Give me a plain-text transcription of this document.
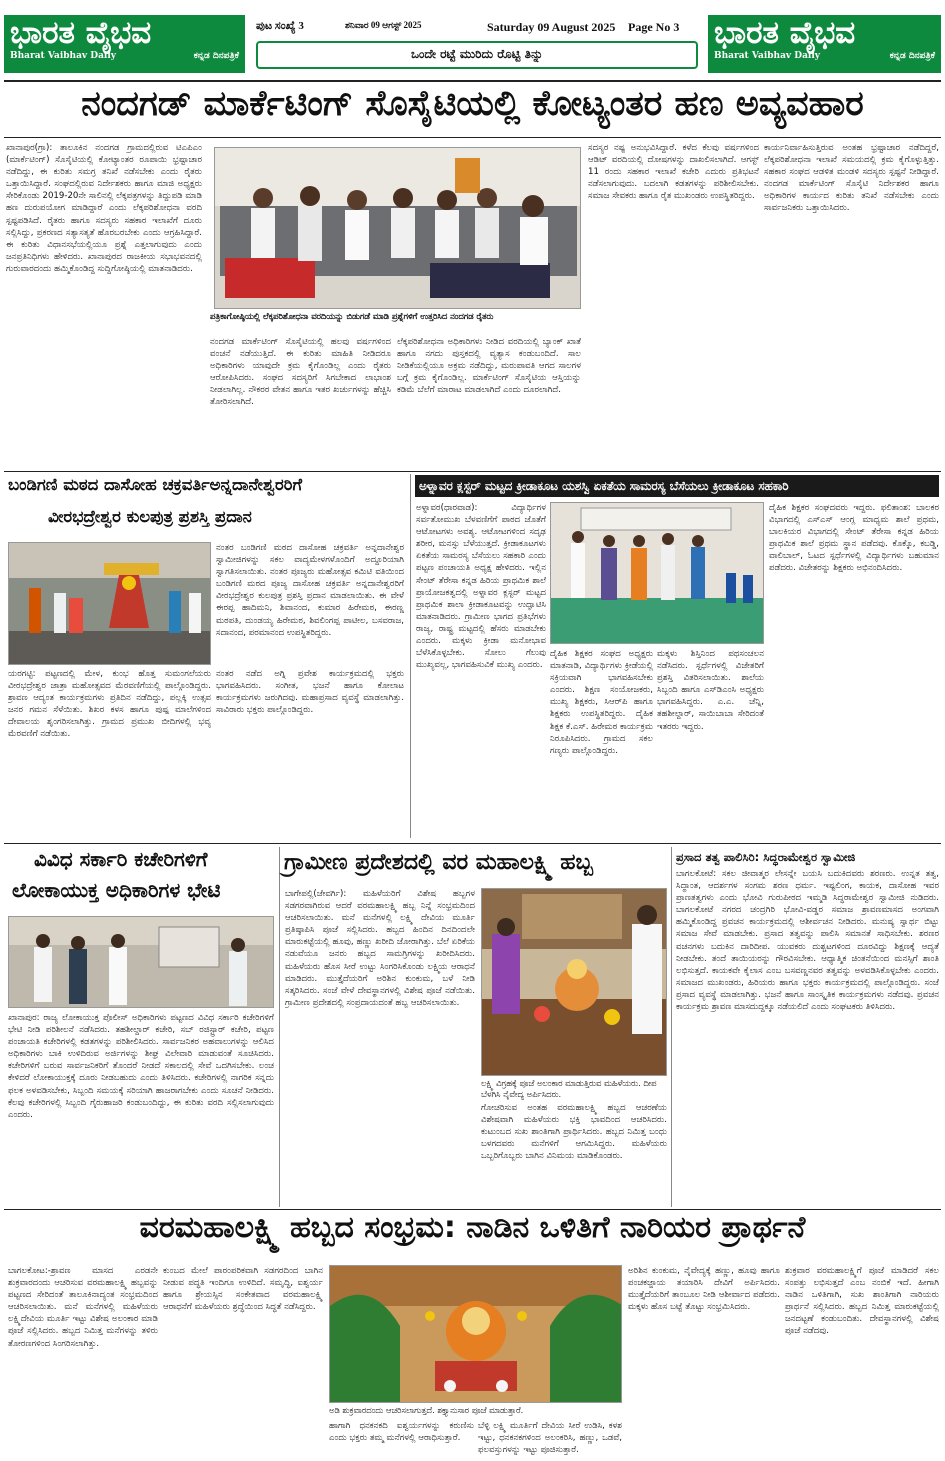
ಭಾರತ ವೈಭವ
Bharat Vaibhav Daily	ಕನ್ನಡ ದಿನಪತ್ರಿಕೆ
ಭಾರತ ವೈಭವ
Bharat Vaibhav Daily	ಕನ್ನಡ ದಿನಪತ್ರಿಕೆ
ಪುಟ ಸಂಖ್ಯೆ 3	ಶನಿವಾರ 09 ಆಗಸ್ಟ್ 2025	Saturday 09 August 2025 Page No 3
ಒಂದೇ ರಟ್ಟೆ ಮುರಿದು ರೊಟ್ಟಿ ತಿನ್ನು
ನಂದಗಡ್ ಮಾರ್ಕೆಟಿಂಗ್ ಸೊಸೈಟಿಯಲ್ಲಿ ಕೋಟ್ಯಂತರ ಹಣ ಅವ್ಯವಹಾರ
ಖಾನಾಪುರ(ಗ್ರಾ): ತಾಲೂಕಿನ ನಂದಗಡ ಗ್ರಾಮದಲ್ಲಿರುವ ಟಿಎಪಿಎಂ (ಮಾರ್ಕೆಟಿಂಗ್) ಸೊಸೈಟಿಯಲ್ಲಿ ಕೋಟ್ಯಾಂತರ ರೂಪಾಯಿ ಭ್ರಷ್ಟಾಚಾರ ನಡೆದಿದ್ದು, ಈ ಕುರಿತು ಸಮಗ್ರ ತನಿಖೆ ನಡೆಸಬೇಕು ಎಂದು ರೈತರು ಒತ್ತಾಯಿಸಿದ್ದಾರೆ. ಸಂಘದಲ್ಲಿರುವ ನಿರ್ದೇಶಕರು ಹಾಗೂ ಮಾಜಿ ಅಧ್ಯಕ್ಷರು ಸೇರಿಕೊಂಡು 2019-20ನೇ ಸಾಲಿನಲ್ಲಿ ಲೆಕ್ಕಪತ್ರಗಳನ್ನು ತಿದ್ದುಪಡಿ ಮಾಡಿ ಹಣ ದುರುಪಯೋಗ ಮಾಡಿದ್ದಾರೆ ಎಂದು ಲೆಕ್ಕಪರಿಶೋಧನಾ ವರದಿ ಸ್ಪಷ್ಟಪಡಿಸಿದೆ. ರೈತರು ಹಾಗೂ ಸದಸ್ಯರು ಸಹಕಾರ ಇಲಾಖೆಗೆ ದೂರು ಸಲ್ಲಿಸಿದ್ದು, ಪ್ರಕರಣದ ಸತ್ಯಾಸತ್ಯತೆ ಹೊರಬರಬೇಕು ಎಂದು ಆಗ್ರಹಿಸಿದ್ದಾರೆ. ಈ ಕುರಿತು ವಿಧಾನಸಭೆಯಲ್ಲಿಯೂ ಪ್ರಶ್ನೆ ಎತ್ತಲಾಗುವುದು ಎಂದು ಜನಪ್ರತಿನಿಧಿಗಳು ಹೇಳಿದರು. ಖಾನಾಪುರದ ರಾಜಕೀಯ ಸಭಾಭವನದಲ್ಲಿ ಗುರುವಾರದಂದು ಹಮ್ಮಿಕೊಂಡಿದ್ದ ಸುದ್ದಿಗೋಷ್ಠಿಯಲ್ಲಿ ಮಾತನಾಡಿದರು.
ಪತ್ರಿಕಾಗೋಷ್ಠಿಯಲ್ಲಿ ಲೆಕ್ಕಪರಿಶೋಧನಾ ವರದಿಯನ್ನು ಬಿಡುಗಡೆ ಮಾಡಿ ಪ್ರಶ್ನೆಗಳಿಗೆ ಉತ್ತರಿಸಿದ ನಂದಗಡ ರೈತರು
ನಂದಗಡ ಮಾರ್ಕೆಟಿಂಗ್ ಸೊಸೈಟಿಯಲ್ಲಿ ಹಲವು ವರ್ಷಗಳಿಂದ ವಂಚನೆ ನಡೆಯುತ್ತಿದೆ. ಈ ಕುರಿತು ಮಾಹಿತಿ ನೀಡಿದರೂ ಅಧಿಕಾರಿಗಳು ಯಾವುದೇ ಕ್ರಮ ಕೈಗೊಂಡಿಲ್ಲ ಎಂದು ರೈತರು ಆರೋಪಿಸಿದರು. ಸಂಘದ ಸದಸ್ಯರಿಗೆ ಸಿಗಬೇಕಾದ ಲಾಭಾಂಶ ನೀಡಲಾಗಿಲ್ಲ. ನೌಕರರ ವೇತನ ಹಾಗೂ ಇತರ ಖರ್ಚುಗಳನ್ನು ಹೆಚ್ಚಿಸಿ ತೋರಿಸಲಾಗಿದೆ.
ಲೆಕ್ಕಪರಿಶೋಧನಾ ಅಧಿಕಾರಿಗಳು ನೀಡಿದ ವರದಿಯಲ್ಲಿ ಬ್ಯಾಂಕ್ ಖಾತೆ ಹಾಗೂ ನಗದು ಪುಸ್ತಕದಲ್ಲಿ ವ್ಯತ್ಯಾಸ ಕಂಡುಬಂದಿದೆ. ಸಾಲ ನೀಡಿಕೆಯಲ್ಲಿಯೂ ಅಕ್ರಮ ನಡೆದಿದ್ದು, ಮರುಪಾವತಿ ಆಗದ ಸಾಲಗಳ ಬಗ್ಗೆ ಕ್ರಮ ಕೈಗೊಂಡಿಲ್ಲ. ಮಾರ್ಕೆಟಿಂಗ್ ಸೊಸೈಟಿಯ ಆಸ್ತಿಯನ್ನು ಕಡಿಮೆ ಬೆಲೆಗೆ ಮಾರಾಟ ಮಾಡಲಾಗಿದೆ ಎಂದು ದೂರಲಾಗಿದೆ.
ಸದಸ್ಯರ ನಷ್ಟ ಅನುಭವಿಸಿದ್ದಾರೆ. ಕಳೆದ ಕೆಲವು ವರ್ಷಗಳಿಂದ ಆಡಿಟ್ ವರದಿಯಲ್ಲಿ ದೋಷಗಳನ್ನು ದಾಖಲಿಸಲಾಗಿದೆ. ಆಗಸ್ಟ್ 11 ರಂದು ಸಹಕಾರ ಇಲಾಖೆ ಕಚೇರಿ ಎದುರು ಪ್ರತಿಭಟನೆ ನಡೆಸಲಾಗುವುದು. ಬದಲಾಗಿ ಕಡತಗಳನ್ನು ಪರಿಶೀಲಿಸಬೇಕು. ಸಮಾಜ ಸೇವಕರು ಹಾಗೂ ರೈತ ಮುಖಂಡರು ಉಪಸ್ಥಿತರಿದ್ದರು.
ಕಾರ್ಯನಿರ್ವಾಹಿಸುತ್ತಿರುವ ಅಂತಹ ಭ್ರಷ್ಟಾಚಾರ ನಡೆದಿದ್ದರೆ, ಲೆಕ್ಕಪರಿಶೋಧನಾ ಇಲಾಖೆ ಸಮಯದಲ್ಲಿ ಕ್ರಮ ಕೈಗೊಳ್ಳುತ್ತಿತ್ತು. ಸಹಕಾರ ಸಂಘದ ಆಡಳಿತ ಮಂಡಳಿ ಸದಸ್ಯರು ಸ್ಪಷ್ಟನೆ ನೀಡಿದ್ದಾರೆ. ನಂದಗಡ ಮಾರ್ಕೆಟಿಂಗ್ ಸೊಸೈಟಿ ನಿರ್ದೇಶಕರ ಹಾಗೂ ಅಧಿಕಾರಿಗಳ ಕಾರ್ಯದ ಕುರಿತು ತನಿಖೆ ನಡೆಸಬೇಕು ಎಂದು ಸಾರ್ವಜನಿಕರು ಒತ್ತಾಯಿಸಿದರು.
ಬಂಡಿಗಣಿ ಮಠದ ದಾಸೋಹ ಚಕ್ರವರ್ತಿಅನ್ನದಾನೇಶ್ವರರಿಗೆ
ವೀರಭದ್ರೇಶ್ವರ ಕುಲಪುತ್ರ ಪ್ರಶಸ್ತಿ ಪ್ರದಾನ
ನಂತರ ಬಂಡಿಗಣಿ ಮಠದ ದಾಸೋಹ ಚಕ್ರವರ್ತಿ ಅನ್ನದಾನೇಶ್ವರ ಸ್ವಾಮೀಜಿಗಳನ್ನು ಸಕಲ ವಾದ್ಯಮೇಳಗಳೊಂದಿಗೆ ಅದ್ದೂರಿಯಾಗಿ ಸ್ವಾಗತಿಸಲಾಯಿತು. ನಂತರ ಪೂಜ್ಯರು ಮಹೋತ್ಸವ ಕಮಿಟಿ ವತಿಯಿಂದ ಬಂಡಿಗಣಿ ಮಠದ ಪೂಜ್ಯ ದಾಸೋಹ ಚಕ್ರವರ್ತಿ ಅನ್ನದಾನೇಶ್ವರರಿಗೆ ವೀರಭದ್ರೇಶ್ವರ ಕುಲಪುತ್ರ ಪ್ರಶಸ್ತಿ ಪ್ರದಾನ ಮಾಡಲಾಯಿತು. ಈ ವೇಳೆ ಈರಪ್ಪ ಹಾದಿಮನಿ, ಶಿವಾನಂದ, ಕುಮಾರ ಹಿರೇಮಠ, ಈರಣ್ಣ ಮಠಪತಿ, ದುಂಡಯ್ಯ ಹಿರೇಮಠ, ಶಿವಲಿಂಗಪ್ಪ ಪಾಟೀಲ, ಬಸವರಾಜ, ಸದಾನಂದ, ಪರಮಾನಂದ ಉಪಸ್ಥಿತರಿದ್ದರು.
ಯರಗಟ್ಟಿ: ಪಟ್ಟಣದಲ್ಲಿ ಮೇಳ, ಕುಂಭ ಹೊತ್ತ ಸುಮಂಗಲೆಯರು ವೀರಭದ್ರೇಶ್ವರ ಜಾತ್ರಾ ಮಹೋತ್ಸವದ ಮೆರವಣಿಗೆಯಲ್ಲಿ ಪಾಲ್ಗೊಂಡಿದ್ದರು. ಶ್ರಾವಣ ಆದ್ಯಂತ ಕಾರ್ಯಕ್ರಮಗಳು ಪ್ರತಿದಿನ ನಡೆದಿದ್ದು, ಪಲ್ಲಕ್ಕಿ ಉತ್ಸವ ಜನರ ಗಮನ ಸೆಳೆಯಿತು. ಶಿಖರ ಕಳಸ ಹಾಗೂ ಪುಷ್ಪ ಮಾಲೆಗಳಿಂದ ದೇವಾಲಯ ಶೃಂಗರಿಸಲಾಗಿತ್ತು. ಗ್ರಾಮದ ಪ್ರಮುಖ ಬೀದಿಗಳಲ್ಲಿ ಭವ್ಯ ಮೆರವಣಿಗೆ ನಡೆಯಿತು.
ನಂತರ ನಡೆದ ಅಗ್ನಿ ಪ್ರವೇಶ ಕಾರ್ಯಕ್ರಮದಲ್ಲಿ ಭಕ್ತರು ಭಾಗವಹಿಸಿದರು. ಸಂಗೀತ, ಭಜನೆ ಹಾಗೂ ಕೋಲಾಟ ಕಾರ್ಯಕ್ರಮಗಳು ಜರುಗಿದವು. ಮಹಾಪ್ರಸಾದ ವ್ಯವಸ್ಥೆ ಮಾಡಲಾಗಿತ್ತು. ಸಾವಿರಾರು ಭಕ್ತರು ಪಾಲ್ಗೊಂಡಿದ್ದರು.
ಅಳ್ನಾವರ ಕ್ಲಸ್ಟರ್ ಮಟ್ಟದ ಕ್ರೀಡಾಕೂಟ ಯಶಸ್ವಿ ಏಕತೆಯ ಸಾಮರಸ್ಯ ಬೆಸೆಯಲು ಕ್ರೀಡಾಕೂಟ ಸಹಕಾರಿ
ಅಳ್ನಾವರ(ಧಾರವಾಡ): ವಿದ್ಯಾರ್ಥಿಗಳ ಸರ್ವತೋಮುಖ ಬೆಳವಣಿಗೆಗೆ ಪಾಠದ ಜೊತೆಗೆ ಆಟೋಟಗಳು ಅವಶ್ಯ. ಆಟೋಟಗಳಿಂದ ಸದೃಢ ಶರೀರ, ಮನಸ್ಸು ಬೆಳೆಯುತ್ತದೆ. ಕ್ರೀಡಾಕೂಟಗಳು ಏಕತೆಯ ಸಾಮರಸ್ಯ ಬೆಸೆಯಲು ಸಹಕಾರಿ ಎಂದು ಪಟ್ಟಣ ಪಂಚಾಯತಿ ಅಧ್ಯಕ್ಷ ಹೇಳಿದರು. ಇಲ್ಲಿನ ಸೇಂಟ್ ತೆರೇಸಾ ಕನ್ನಡ ಹಿರಿಯ ಪ್ರಾಥಮಿಕ ಶಾಲೆ ಪ್ರಾಯೋಜಕತ್ವದಲ್ಲಿ ಅಳ್ನಾವರ ಕ್ಲಸ್ಟರ್ ಮಟ್ಟದ ಪ್ರಾಥಮಿಕ ಶಾಲಾ ಕ್ರೀಡಾಕೂಟವನ್ನು ಉದ್ಘಾಟಿಸಿ ಮಾತನಾಡಿದರು. ಗ್ರಾಮೀಣ ಭಾಗದ ಪ್ರತಿಭೆಗಳು ರಾಜ್ಯ, ರಾಷ್ಟ್ರ ಮಟ್ಟದಲ್ಲಿ ಹೆಸರು ಮಾಡಬೇಕು ಎಂದರು. ಮಕ್ಕಳು ಕ್ರೀಡಾ ಮನೋಭಾವ ಬೆಳೆಸಿಕೊಳ್ಳಬೇಕು. ಸೋಲು ಗೆಲುವು ಮುಖ್ಯವಲ್ಲ, ಭಾಗವಹಿಸುವಿಕೆ ಮುಖ್ಯ ಎಂದರು.
ದೈಹಿಕ ಶಿಕ್ಷಕರ ಸಂಘದ ಅಧ್ಯಕ್ಷರು ಮಾತನಾಡಿ, ವಿದ್ಯಾರ್ಥಿಗಳು ಕ್ರೀಡೆಯಲ್ಲಿ ಸಕ್ರಿಯವಾಗಿ ಭಾಗವಹಿಸಬೇಕು ಎಂದರು. ಶಿಕ್ಷಣ ಸಂಯೋಜಕರು, ಮುಖ್ಯ ಶಿಕ್ಷಕರು, ಸಿಆರ್‌ಪಿ ಹಾಗೂ ಶಿಕ್ಷಕರು ಉಪಸ್ಥಿತರಿದ್ದರು. ದೈಹಿಕ ಶಿಕ್ಷಕ ಕೆ.ಎಸ್. ಹಿರೇಮಠ ಕಾರ್ಯಕ್ರಮ ನಿರೂಪಿಸಿದರು. ಗ್ರಾಮದ ಸಕಲ ಗಣ್ಯರು ಪಾಲ್ಗೊಂಡಿದ್ದರು.
ಮಕ್ಕಳು ಶಿಸ್ತಿನಿಂದ ಪಥಸಂಚಲನ ನಡೆಸಿದರು. ಸ್ಪರ್ಧೆಗಳಲ್ಲಿ ವಿಜೇತರಿಗೆ ಪ್ರಶಸ್ತಿ ವಿತರಿಸಲಾಯಿತು. ಶಾಲೆಯ ಸಿಬ್ಬಂದಿ ಹಾಗೂ ಎಸ್‌ಡಿಎಂಸಿ ಅಧ್ಯಕ್ಷರು ಭಾಗವಹಿಸಿದ್ದರು. ಎ.ಎ. ಚೆನ್ನಿ, ತಹಶೀಲ್ದಾರ್, ಸಾಯಿಬಾಬಾ ಸೇರಿದಂತೆ ಇತರರು ಇದ್ದರು.
ದೈಹಿಕ ಶಿಕ್ಷಕರ ಸಂಘದವರು ಇದ್ದರು. ಫಲಿತಾಂಶ: ಬಾಲಕರ ವಿಭಾಗದಲ್ಲಿ ಎಸ್‌ಎಸ್ ಆಂಗ್ಲ ಮಾಧ್ಯಮ ಶಾಲೆ ಪ್ರಥಮ, ಬಾಲಕಿಯರ ವಿಭಾಗದಲ್ಲಿ ಸೇಂಟ್ ತೆರೇಸಾ ಕನ್ನಡ ಹಿರಿಯ ಪ್ರಾಥಮಿಕ ಶಾಲೆ ಪ್ರಥಮ ಸ್ಥಾನ ಪಡೆದವು. ಕೊಕ್ಕೊ, ಕಬಡ್ಡಿ, ವಾಲಿಬಾಲ್, ಓಟದ ಸ್ಪರ್ಧೆಗಳಲ್ಲಿ ವಿದ್ಯಾರ್ಥಿಗಳು ಬಹುಮಾನ ಪಡೆದರು. ವಿಜೇತರನ್ನು ಶಿಕ್ಷಕರು ಅಭಿನಂದಿಸಿದರು.
ವಿವಿಧ ಸರ್ಕಾರಿ ಕಚೇರಿಗಳಿಗೆ
ಲೋಕಾಯುಕ್ತ ಅಧಿಕಾರಿಗಳ ಭೇಟಿ
ಖಾನಾಪುರ: ರಾಜ್ಯ ಲೋಕಾಯುಕ್ತ ಪೊಲೀಸ್ ಅಧಿಕಾರಿಗಳು ಪಟ್ಟಣದ ವಿವಿಧ ಸರ್ಕಾರಿ ಕಚೇರಿಗಳಿಗೆ ಭೇಟಿ ನೀಡಿ ಪರಿಶೀಲನೆ ನಡೆಸಿದರು. ತಹಶೀಲ್ದಾರ್ ಕಚೇರಿ, ಸಬ್ ರಜಿಸ್ಟ್ರಾರ್ ಕಚೇರಿ, ಪಟ್ಟಣ ಪಂಚಾಯತಿ ಕಚೇರಿಗಳಲ್ಲಿ ಕಡತಗಳನ್ನು ಪರಿಶೀಲಿಸಿದರು. ಸಾರ್ವಜನಿಕರ ಅಹವಾಲುಗಳನ್ನು ಆಲಿಸಿದ ಅಧಿಕಾರಿಗಳು ಬಾಕಿ ಉಳಿದಿರುವ ಅರ್ಜಿಗಳನ್ನು ಶೀಘ್ರ ವಿಲೇವಾರಿ ಮಾಡುವಂತೆ ಸೂಚಿಸಿದರು. ಕಚೇರಿಗಳಿಗೆ ಬರುವ ಸಾರ್ವಜನಿಕರಿಗೆ ತೊಂದರೆ ನೀಡದೆ ಸಕಾಲದಲ್ಲಿ ಸೇವೆ ಒದಗಿಸಬೇಕು. ಲಂಚ ಕೇಳಿದರೆ ಲೋಕಾಯುಕ್ತಕ್ಕೆ ದೂರು ನೀಡಬಹುದು ಎಂದು ತಿಳಿಸಿದರು. ಕಚೇರಿಗಳಲ್ಲಿ ನಾಗರಿಕ ಸನ್ನದು ಫಲಕ ಅಳವಡಿಸಬೇಕು, ಸಿಬ್ಬಂದಿ ಸಮಯಕ್ಕೆ ಸರಿಯಾಗಿ ಹಾಜರಾಗಬೇಕು ಎಂದು ಸೂಚನೆ ನೀಡಿದರು. ಕೆಲವು ಕಚೇರಿಗಳಲ್ಲಿ ಸಿಬ್ಬಂದಿ ಗೈರುಹಾಜರಿ ಕಂಡುಬಂದಿದ್ದು, ಈ ಕುರಿತು ವರದಿ ಸಲ್ಲಿಸಲಾಗುವುದು ಎಂದರು.
ಗ್ರಾಮೀಣ ಪ್ರದೇಶದಲ್ಲಿ ವರ ಮಹಾಲಕ್ಷ್ಮಿ ಹಬ್ಬ
ಬಾಗೇಪಲ್ಲಿ(ಜೇವರ್ಗಿ): ಮಹಿಳೆಯರಿಗೆ ವಿಶೇಷ ಹಬ್ಬಗಳ ಸಡಗರವಾಗಿರುವ ಆದರೆ ವರಮಹಾಲಕ್ಷ್ಮಿ ಹಬ್ಬ ನಿನ್ನೆ ಸಂಭ್ರಮದಿಂದ ಆಚರಿಸಲಾಯಿತು. ಮನೆ ಮನೆಗಳಲ್ಲಿ ಲಕ್ಷ್ಮಿ ದೇವಿಯ ಮೂರ್ತಿ ಪ್ರತಿಷ್ಠಾಪಿಸಿ ಪೂಜೆ ಸಲ್ಲಿಸಿದರು. ಹಬ್ಬದ ಹಿಂದಿನ ದಿನದಿಂದಲೇ ಮಾರುಕಟ್ಟೆಯಲ್ಲಿ ಹೂವು, ಹಣ್ಣು ಖರೀದಿ ಜೋರಾಗಿತ್ತು. ಬೆಲೆ ಏರಿಕೆಯ ನಡುವೆಯೂ ಜನರು ಹಬ್ಬದ ಸಾಮಗ್ರಿಗಳನ್ನು ಖರೀದಿಸಿದರು. ಮಹಿಳೆಯರು ಹೊಸ ಸೀರೆ ಉಟ್ಟು ಸಿಂಗರಿಸಿಕೊಂಡು ಲಕ್ಷ್ಮಿಯ ಆರಾಧನೆ ಮಾಡಿದರು. ಮುತ್ತೈದೆಯರಿಗೆ ಅರಿಶಿನ ಕುಂಕುಮ, ಬಳೆ ನೀಡಿ ಸತ್ಕರಿಸಿದರು. ಸಂಜೆ ವೇಳೆ ದೇವಸ್ಥಾನಗಳಲ್ಲಿ ವಿಶೇಷ ಪೂಜೆ ನಡೆಯಿತು. ಗ್ರಾಮೀಣ ಪ್ರದೇಶದಲ್ಲಿ ಸಂಪ್ರದಾಯದಂತೆ ಹಬ್ಬ ಆಚರಿಸಲಾಯಿತು.
ಲಕ್ಷ್ಮಿ ವಿಗ್ರಹಕ್ಕೆ ಪೂಜೆ ಅಲಂಕಾರ ಮಾಡುತ್ತಿರುವ ಮಹಿಳೆಯರು. ದೀಪ ಬೆಳಗಿಸಿ ನೈವೇದ್ಯ ಅರ್ಪಿಸಿದರು.
ಗೋಚರಿಸುವ ಅಂತಹ ವರಮಹಾಲಕ್ಷ್ಮಿ ಹಬ್ಬದ ಆಚರಣೆಯ ವಿಶೇಷವಾಗಿ ಮಹಿಳೆಯರು ಭಕ್ತಿ ಭಾವದಿಂದ ಆಚರಿಸಿದರು. ಕುಟುಂಬದ ಸುಖ ಶಾಂತಿಗಾಗಿ ಪ್ರಾರ್ಥಿಸಿದರು. ಹಬ್ಬದ ನಿಮಿತ್ತ ಬಂಧು ಬಳಗದವರು ಮನೆಗಳಿಗೆ ಆಗಮಿಸಿದ್ದರು. ಮಹಿಳೆಯರು ಒಬ್ಬರಿಗೊಬ್ಬರು ಬಾಗಿನ ವಿನಿಮಯ ಮಾಡಿಕೊಂಡರು.
ಪ್ರಸಾದ ತತ್ವ ಪಾಲಿಸಿರಿ: ಸಿದ್ಧರಾಮೇಶ್ವರ ಸ್ವಾಮೀಜಿ
ಬಾಗಲಕೋಟೆ: ಸಕಲ ಜೀವಾತ್ಮರ ಲೇಸನ್ನೇ ಬಯಸಿ ಬದುಕಿದವರು ಶರಣರು. ಉನ್ನತ ತತ್ವ, ಸಿದ್ಧಾಂತ, ಆದರ್ಶಗಳ ಸಂಗಮ ಶರಣ ಧರ್ಮ. ಇಷ್ಟಲಿಂಗ, ಕಾಯಕ, ದಾಸೋಹ ಇವರ ಪ್ರಾಣತತ್ವಗಳು ಎಂದು ಭೋವಿ ಗುರುಪೀಠದ ಇಮ್ಮಡಿ ಸಿದ್ಧರಾಮೇಶ್ವರ ಸ್ವಾಮೀಜಿ ನುಡಿದರು. ಬಾಗಲಕೋಟೆ ನಗರದ ಚಂದ್ರಗಿರಿ ಭೋವಿ-ವಡ್ಡರ ಸಮಾಜ ಶ್ರಾವಣಮಾಸದ ಅಂಗವಾಗಿ ಹಮ್ಮಿಕೊಂಡಿದ್ದ ಪ್ರವಚನ ಕಾರ್ಯಕ್ರಮದಲ್ಲಿ ಆಶೀರ್ವಚನ ನೀಡಿದರು. ಮನುಷ್ಯ ಸ್ವಾರ್ಥ ಬಿಟ್ಟು ಸಮಾಜ ಸೇವೆ ಮಾಡಬೇಕು. ಪ್ರಸಾದ ತತ್ವವನ್ನು ಪಾಲಿಸಿ ಸಮಾನತೆ ಸಾಧಿಸಬೇಕು. ಶರಣರ ವಚನಗಳು ಬದುಕಿನ ದಾರಿದೀಪ. ಯುವಕರು ದುಶ್ಚಟಗಳಿಂದ ದೂರವಿದ್ದು ಶಿಕ್ಷಣಕ್ಕೆ ಆದ್ಯತೆ ನೀಡಬೇಕು. ತಂದೆ ತಾಯಿಯರನ್ನು ಗೌರವಿಸಬೇಕು. ಆಧ್ಯಾತ್ಮಿಕ ಚಿಂತನೆಯಿಂದ ಮನಸ್ಸಿಗೆ ಶಾಂತಿ ಲಭಿಸುತ್ತದೆ. ಕಾಯಕವೇ ಕೈಲಾಸ ಎಂಬ ಬಸವಣ್ಣನವರ ತತ್ವವನ್ನು ಅಳವಡಿಸಿಕೊಳ್ಳಬೇಕು ಎಂದರು. ಸಮಾಜದ ಮುಖಂಡರು, ಹಿರಿಯರು ಹಾಗೂ ಭಕ್ತರು ಕಾರ್ಯಕ್ರಮದಲ್ಲಿ ಪಾಲ್ಗೊಂಡಿದ್ದರು. ಸಂಜೆ ಪ್ರಸಾದ ವ್ಯವಸ್ಥೆ ಮಾಡಲಾಗಿತ್ತು. ಭಜನೆ ಹಾಗೂ ಸಾಂಸ್ಕೃತಿಕ ಕಾರ್ಯಕ್ರಮಗಳು ನಡೆದವು. ಪ್ರವಚನ ಕಾರ್ಯಕ್ರಮ ಶ್ರಾವಣ ಮಾಸದುದ್ದಕ್ಕೂ ನಡೆಯಲಿದೆ ಎಂದು ಸಂಘಟಕರು ತಿಳಿಸಿದರು.
ವರಮಹಾಲಕ್ಷ್ಮಿ ಹಬ್ಬದ ಸಂಭ್ರಮ: ನಾಡಿನ ಒಳಿತಿಗೆ ನಾರಿಯರ ಪ್ರಾರ್ಥನೆ
ಬಾಗಲಕೋಟ:-ಶ್ರಾವಣ ಮಾಸದ ಎರಡನೇ ಶುಕ್ರವಾರದಂದು ಆಚರಿಸುವ ವರಮಹಾಲಕ್ಷ್ಮಿ ಹಬ್ಬವನ್ನು ಪಟ್ಟಣದ ಸೇರಿದಂತೆ ತಾಲೂಕಿನಾದ್ಯಂತ ಸಂಭ್ರಮದಿಂದ ಆಚರಿಸಲಾಯಿತು. ಮನೆ ಮನೆಗಳಲ್ಲಿ ಮಹಿಳೆಯರು ಲಕ್ಷ್ಮಿದೇವಿಯ ಮೂರ್ತಿ ಇಟ್ಟು ವಿಶೇಷ ಅಲಂಕಾರ ಮಾಡಿ ಪೂಜೆ ಸಲ್ಲಿಸಿದರು. ಹಬ್ಬದ ನಿಮಿತ್ತ ಮನೆಗಳನ್ನು ತಳಿರು ತೋರಣಗಳಿಂದ ಸಿಂಗರಿಸಲಾಗಿತ್ತು.
ಕುಂಬದ ಮೇಲೆ ಪಾರಂಪರಿಕವಾಗಿ ಸಡಗರದಿಂದ ಬಾಗಿನ ನೀಡುವ ಪದ್ಧತಿ ಇಂದಿಗೂ ಉಳಿದಿದೆ. ಸಮೃದ್ಧಿ, ಐಶ್ವರ್ಯ ಹಾಗೂ ಶ್ರೇಯಸ್ಸಿನ ಸಂಕೇತವಾದ ವರಮಹಾಲಕ್ಷ್ಮಿ ಆರಾಧನೆಗೆ ಮಹಿಳೆಯರು ಶ್ರದ್ಧೆಯಿಂದ ಸಿದ್ಧತೆ ನಡೆಸಿದ್ದರು.
ಅಡಿ ಶುಕ್ರವಾರದಂದು ಆಚರಿಸಲಾಗುತ್ತದೆ. ಶಕ್ತ್ಯಾನುಸಾರ ಪೂಜೆ ಮಾಡುತ್ತಾರೆ.
ಹಾಗಾಗಿ ಧನಕನಕದಿ ಐಶ್ವರ್ಯಗಳನ್ನು ಕರುಣಿಸು ಎಂದು ಭಕ್ತರು ತಮ್ಮ ಮನೆಗಳಲ್ಲಿ ಆರಾಧಿಸುತ್ತಾರೆ.
ಬೆಳ್ಳಿ ಲಕ್ಷ್ಮಿ ಮೂರ್ತಿಗೆ ದೇವಿಯ ಸೀರೆ ಉಡಿಸಿ, ಕಳಶ ಇಟ್ಟು, ಧನಕನಕಗಳಿಂದ ಅಲಂಕರಿಸಿ, ಹಣ್ಣು, ಒಡವೆ, ಫಲವಸ್ತುಗಳನ್ನು ಇಟ್ಟು ಪೂಜಿಸುತ್ತಾರೆ.
ಅರಿಶಿನ ಕುಂಕುಮ, ನೈವೇದ್ಯಕ್ಕೆ ಹಣ್ಣು, ಹೂವು ಹಾಗೂ ಪಂಚಕಜ್ಜಾಯ ತಯಾರಿಸಿ ದೇವಿಗೆ ಅರ್ಪಿಸಿದರು. ಮುತ್ತೈದೆಯರಿಗೆ ತಾಂಬೂಲ ನೀಡಿ ಆಶೀರ್ವಾದ ಪಡೆದರು. ಮಕ್ಕಳು ಹೊಸ ಬಟ್ಟೆ ತೊಟ್ಟು ಸಂಭ್ರಮಿಸಿದರು.
ಶುಕ್ರವಾರ ವರಮಹಾಲಕ್ಷ್ಮಿಗೆ ಪೂಜೆ ಮಾಡಿದರೆ ಸಕಲ ಸಂಪತ್ತು ಲಭಿಸುತ್ತದೆ ಎಂಬ ನಂಬಿಕೆ ಇದೆ. ಹೀಗಾಗಿ ನಾಡಿನ ಒಳಿತಿಗಾಗಿ, ಸುಖ ಶಾಂತಿಗಾಗಿ ನಾರಿಯರು ಪ್ರಾರ್ಥನೆ ಸಲ್ಲಿಸಿದರು. ಹಬ್ಬದ ನಿಮಿತ್ತ ಮಾರುಕಟ್ಟೆಯಲ್ಲಿ ಜನದಟ್ಟಣೆ ಕಂಡುಬಂದಿತು. ದೇವಸ್ಥಾನಗಳಲ್ಲಿ ವಿಶೇಷ ಪೂಜೆ ನಡೆದವು.
